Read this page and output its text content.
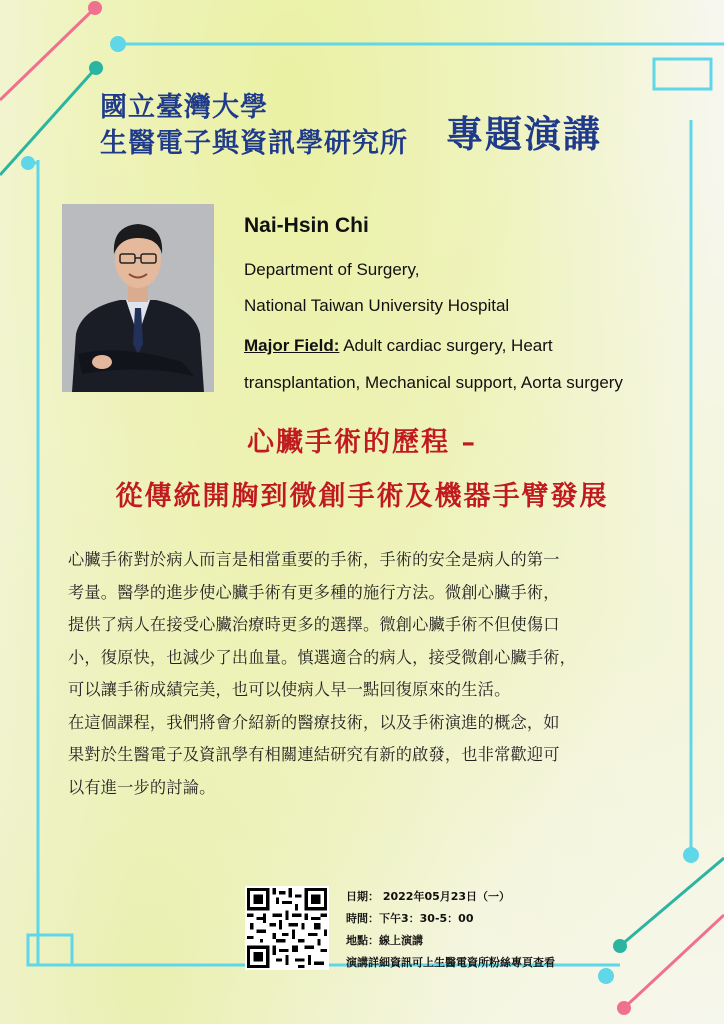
國立臺灣大學
生醫電子與資訊學研究所 專題演講
Nai-Hsin Chi
Department of Surgery,
National Taiwan University Hospital
Major Field: Adult cardiac surgery, Heart
transplantation, Mechanical support, Aorta surgery
心臟手術的歷程 –
從傳統開胸到微創手術及機器手臂發展

心臟手術對於病人而言是相當重要的手術，手術的安全是病人的第一

考量。醫學的進步使心臟手術有更多種的施行方法。微創心臟手術，

提供了病人在接受心臟治療時更多的選擇。微創心臟手術不但使傷口

小，復原快，也減少了出血量。慎選適合的病人，接受微創心臟手術，

可以讓手術成績完美，也可以使病人早一點回復原來的生活。

在這個課程，我們將會介紹新的醫療技術，以及手術演進的概念，如

果對於生醫電子及資訊學有相關連結研究有新的啟發，也非常歡迎可

以有進一步的討論。

日期： 2022年05月23日（一）
時間：下午3：30-5：00
地點：線上演講
演講詳細資訊可上生醫電資所粉絲專頁查看
